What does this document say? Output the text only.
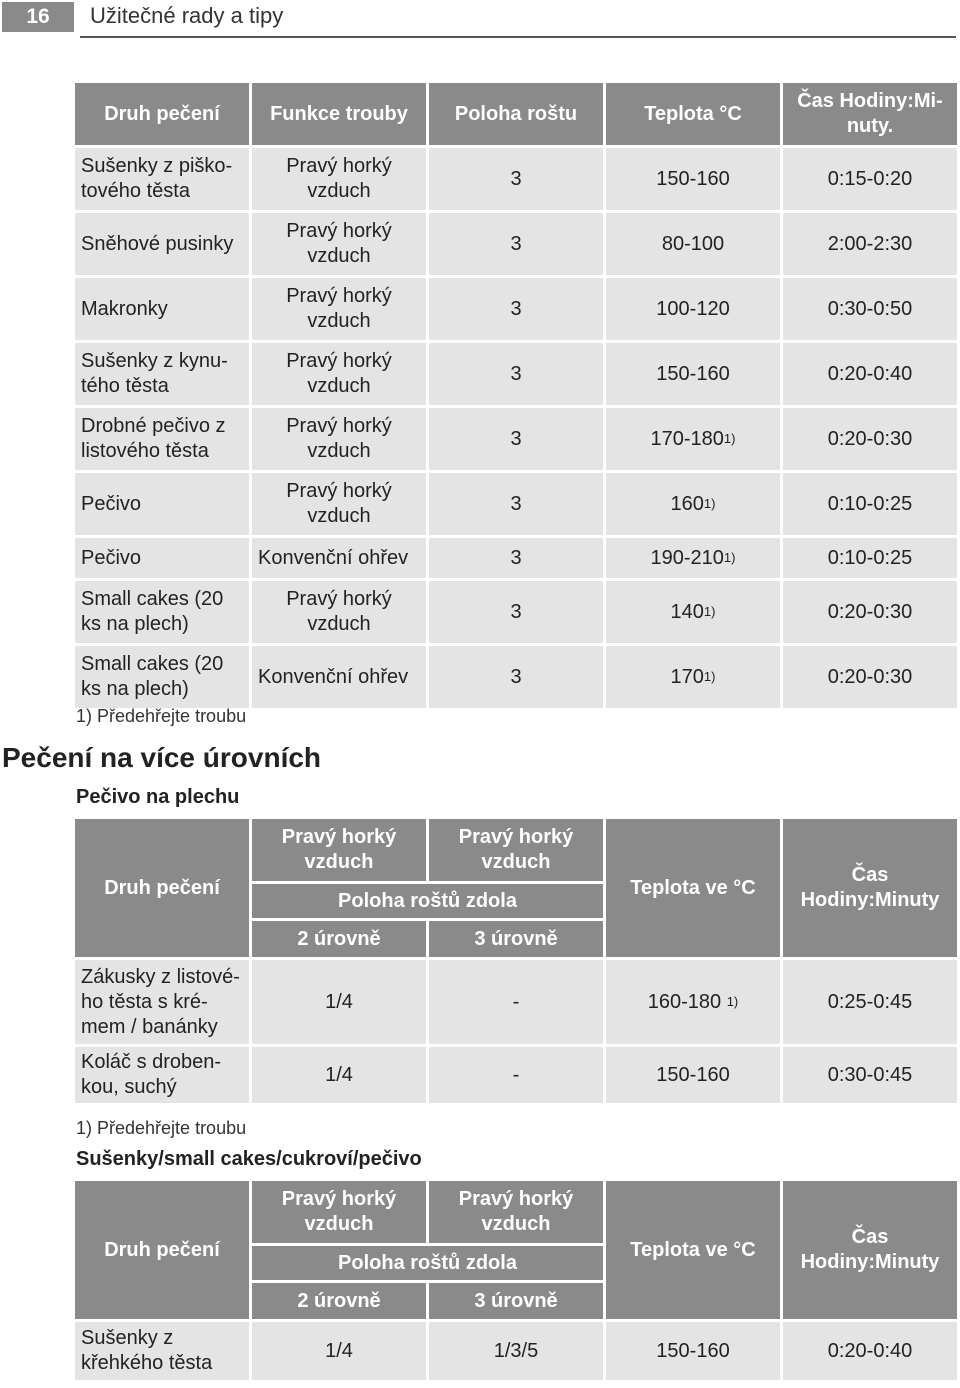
16	Užitečné rady a tipy
Druh pečení	Funkce trouby	Poloha roštu	Teplota °C	Čas Hodiny:Mi-nuty.
Sušenky z piško-tového těsta	Pravý horký vzduch	3	150-160	0:15-0:20
Sněhové pusinky	Pravý horký vzduch	3	80-100	2:00-2:30
Makronky	Pravý horký vzduch	3	100-120	0:30-0:50
Sušenky z kynu-tého těsta	Pravý horký vzduch	3	150-160	0:20-0:40
Drobné pečivo z listového těsta	Pravý horký vzduch	3	170-180$^{1)}$	0:20-0:30
Pečivo	Pravý horký vzduch	3	160$^{1)}$	0:10-0:25
Pečivo	Konvenční ohřev	3	190-210$^{1)}$	0:10-0:25
Small cakes (20 ks na plech)	Pravý horký vzduch	3	140$^{1)}$	0:20-0:30
Small cakes (20 ks na plech)	Konvenční ohřev	3	170$^{1)}$	0:20-0:30
1) Předehřejte troubu
Pečení na více úrovních
Pečivo na plechu
Druh pečení	Pravý horký vzduch	Pravý horký vzduch	Teplota ve °C	Čas Hodiny:Minuty
	Poloha roštů zdola			
	2 úrovně	3 úrovně		
Zákusky z listové-ho těsta s kré-mem / banánky	1/4	-	160-180 $^{1)}$	0:25-0:45
Koláč s droben-kou, suchý	1/4	-	150-160	0:30-0:45
1) Předehřejte troubu
Sušenky/small cakes/cukroví/pečivo
Druh pečení	Pravý horký vzduch	Pravý horký vzduch	Teplota ve °C	Čas Hodiny:Minuty
	Poloha roštů zdola			
	2 úrovně	3 úrovně		
Sušenky z křehkého těsta	1/4	1/3/5	150-160	0:20-0:40
